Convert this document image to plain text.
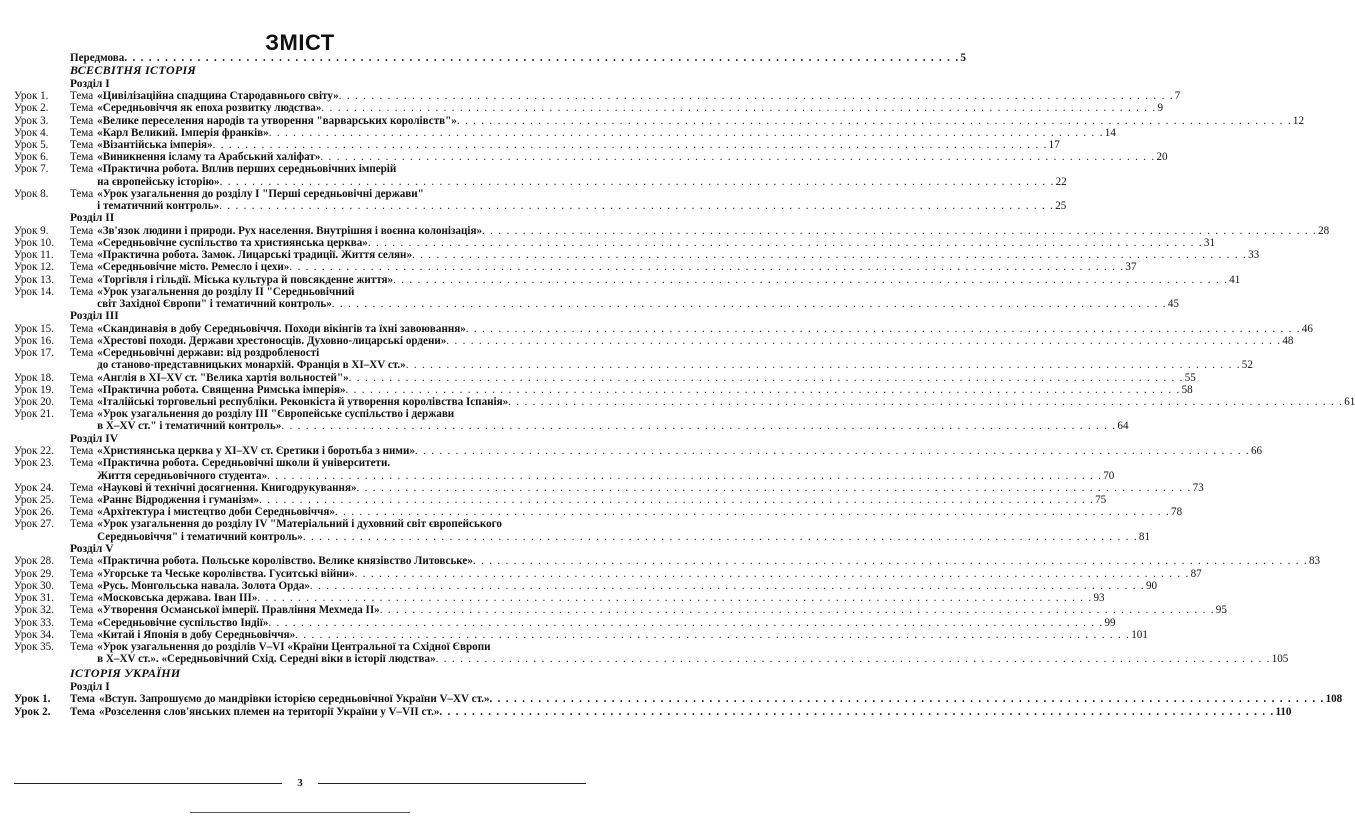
ЗМІСТ
Передмова . . .	5
ВСЕСВІТНЯ ІСТОРІЯ
Розділ I
Урок 1.	Тема «Цивілізаційна спадщина Стародавнього світу» . . .	7
Урок 2.	Тема «Середньовіччя як епоха розвитку людства» . . .	9
Урок 3.	Тема «Велике переселення народів та утворення "варварських королівств"» . . .	12
Урок 4.	Тема «Карл Великий. Імперія франків» . . .	14
Урок 5.	Тема «Візантійська імперія» . . .	17
Урок 6.	Тема «Виникнення ісламу та Арабський халіфат» . . .	20
Урок 7.	Тема «Практична робота. Вплив перших середньовічних імперій
на європейську історію» . . .	22
Урок 8.	Тема «Урок узагальнення до розділу I "Перші середньовічні держави"
і тематичний контроль» . . .	25
Розділ II
Урок 9.	Тема «Зв'язок людини і природи. Рух населення. Внутрішня і воєнна колонізація» . . .	28
Урок 10.	Тема «Середньовічне суспільство та християнська церква» . . .	31
Урок 11.	Тема «Практична робота. Замок. Лицарські традиції. Життя селян» . . .	33
Урок 12.	Тема «Середньовічне місто. Ремесло і цехи» . . .	37
Урок 13.	Тема «Торгівля і гільдії. Міська культура й повсякденне життя» . . .	41
Урок 14.	Тема «Урок узагальнення до розділу II "Середньовічний
світ Західної Європи" і тематичний контроль» . . .	45
Розділ III
Урок 15.	Тема «Скандинавія в добу Середньовіччя. Походи вікінгів та їхні завоювання» . . .	46
Урок 16.	Тема «Хрестові походи. Держави хрестоносців. Духовно-лицарські ордени» . . .	48
Урок 17.	Тема «Середньовічні держави: від роздробленості
до станово-представницьких монархій. Франція в XI–XV ст.» . . .	52
Урок 18.	Тема «Англія в XI–XV ст. "Велика хартія вольностей"» . . .	55
Урок 19.	Тема «Практична робота. Священна Римська імперія» . . .	58
Урок 20.	Тема «Італійські торговельні республіки. Реконкіста й утворення королівства Іспанія» . . .	61
Урок 21.	Тема «Урок узагальнення до розділу III "Європейське суспільство і держави
в X–XV ст." і тематичний контроль» . . .	64
Розділ IV
Урок 22.	Тема «Християнська церква у XI–XV ст. Єретики і боротьба з ними» . . .	66
Урок 23.	Тема «Практична робота. Середньовічні школи й університети.
Життя середньовічного студента» . . .	70
Урок 24.	Тема «Наукові й технічні досягнення. Книгодрукування» . . .	73
Урок 25.	Тема «Раннє Відродження і гуманізм» . . .	75
Урок 26.	Тема «Архітектура і мистецтво доби Середньовіччя» . . .	78
Урок 27.	Тема «Урок узагальнення до розділу IV "Матеріальний і духовний світ європейського
Середньовіччя" і тематичний контроль» . . .	81
Розділ V
Урок 28.	Тема «Практична робота. Польське королівство. Велике князівство Литовське» . . .	83
Урок 29.	Тема «Угорське та Чеське королівства. Гуситські війни» . . .	87
Урок 30.	Тема «Русь. Монгольська навала. Золота Орда» . . .	90
Урок 31.	Тема «Московська держава. Іван III» . . .	93
Урок 32.	Тема «Утворення Османської імперії. Правління Мехмеда II» . . .	95
Урок 33.	Тема «Середньовічне суспільство Індії» . . .	99
Урок 34.	Тема «Китай і Японія в добу Середньовіччя» . . .	101
Урок 35.	Тема «Урок узагальнення до розділів V–VI «Країни Центральної та Східної Європи
в X–XV ст.». «Середньовічний Схід. Середні віки в історії людства» . . .	105
ІСТОРІЯ УКРАЇНИ
Розділ I
Урок 1.	Тема «Вступ. Запрошуємо до мандрівки історією середньовічної України V–XV ст.» . . .	108
Урок 2.	Тема «Розселення слов'янських племен на території України у V–VII ст.» . . .	110
3
